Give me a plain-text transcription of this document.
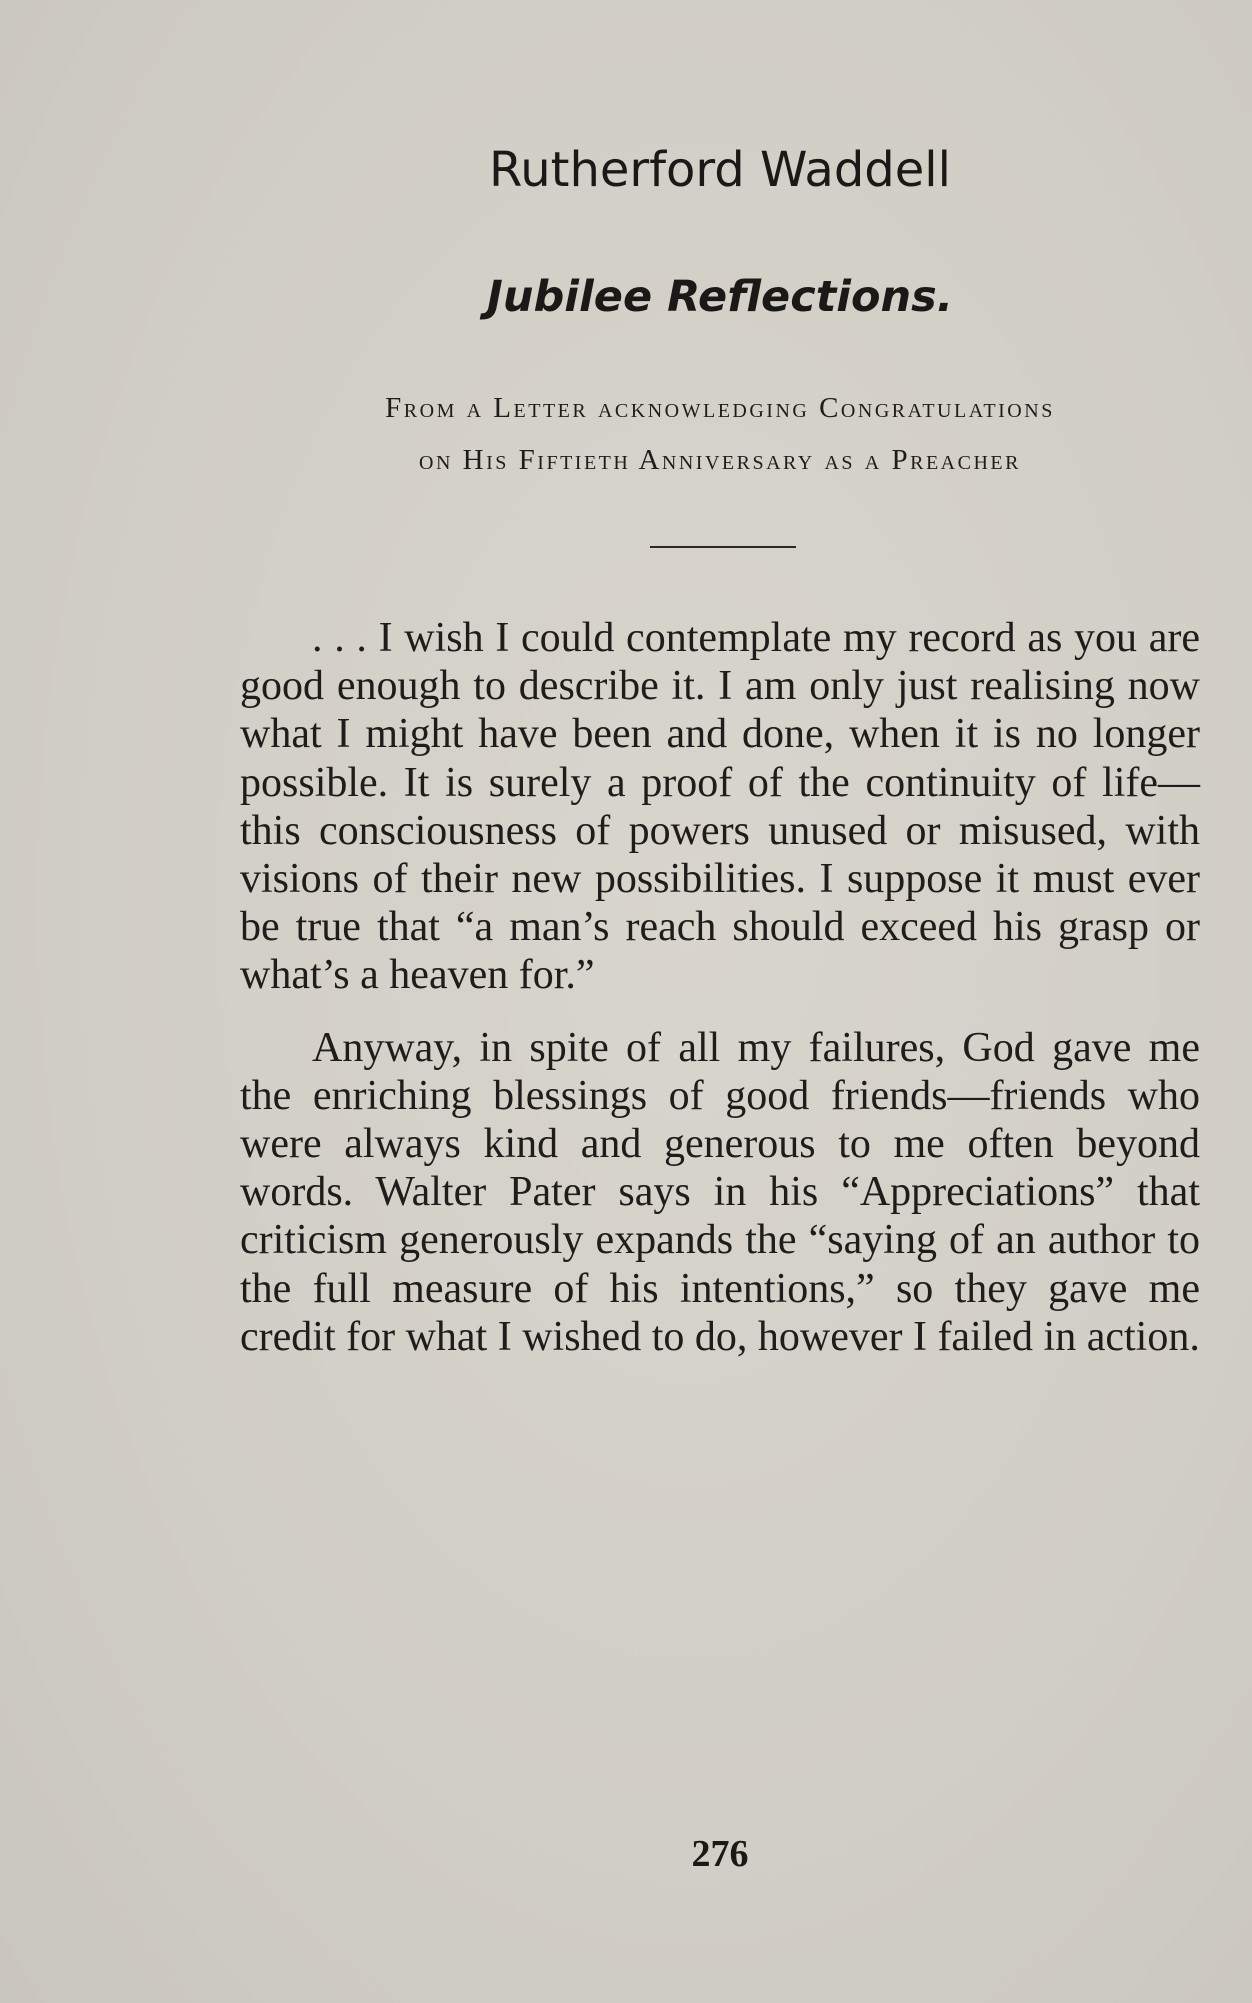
Rutherford Waddell
Jubilee Reflections.
From a Letter acknowledging Congratulations
on His Fiftieth Anniversary as a Preacher

. . . I wish I could contemplate my record as you are good enough to describe it. I am only just realising now what I might have been and done, when it is no longer possible. It is surely a proof of the continuity of life—this consciousness of powers unused or misused, with visions of their new possibilities. I suppose it must ever be true that “a man’s reach should exceed his grasp or what’s a heaven for.”

Anyway, in spite of all my failures, God gave me the enriching blessings of good friends—friends who were always kind and generous to me often beyond words. Walter Pater says in his “Appreciations” that criticism generously expands the “saying of an author to the full measure of his intentions,” so they gave me credit for what I wished to do, however I failed in action.

276
